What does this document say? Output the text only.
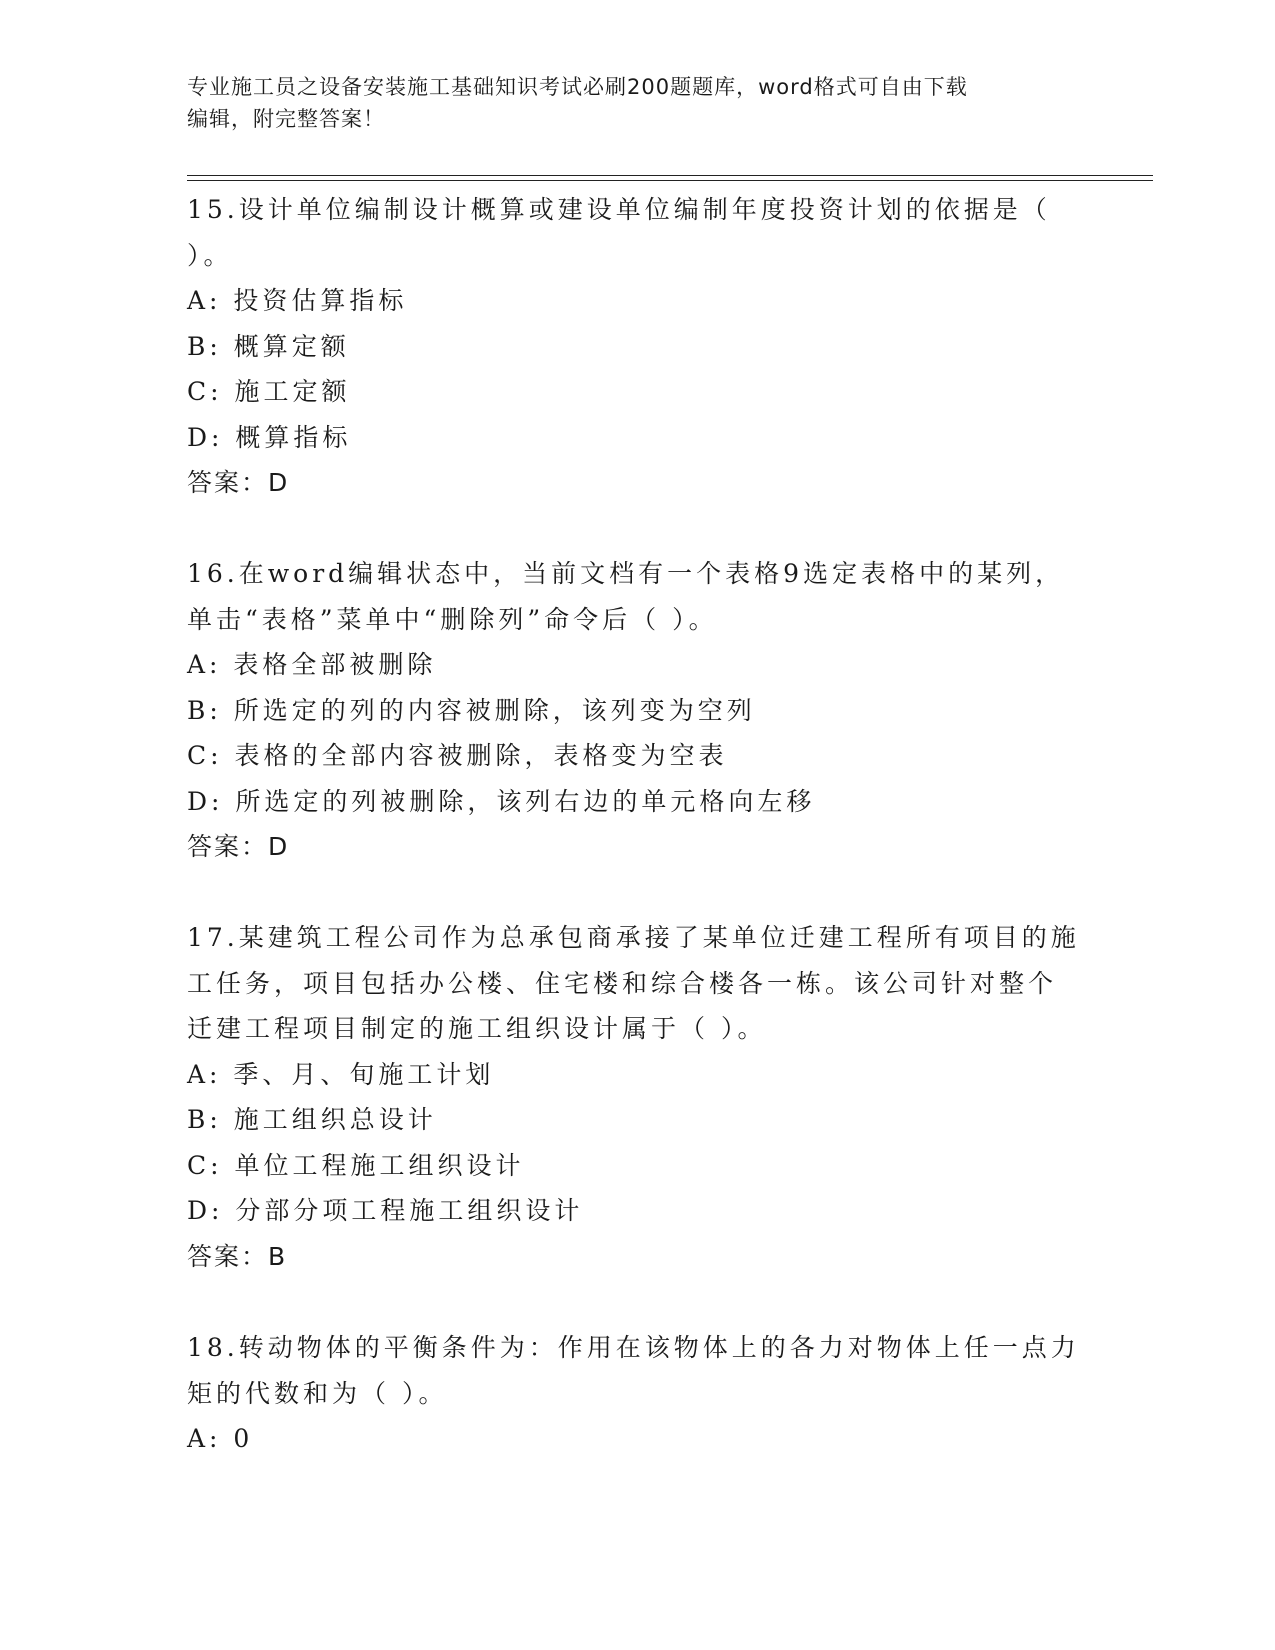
专业施工员之设备安装施工基础知识考试必刷200题题库，word格式可自由下载
编辑，附完整答案！
15.设计单位编制设计概算或建设单位编制年度投资计划的依据是（
）。
A: 投资估算指标
B: 概算定额
C: 施工定额
D: 概算指标
答案：D
16.在word编辑状态中，当前文档有一个表格9选定表格中的某列，
单击“表格”菜单中“删除列”命令后（ ）。
A: 表格全部被删除
B: 所选定的列的内容被删除，该列变为空列
C: 表格的全部内容被删除，表格变为空表
D: 所选定的列被删除，该列右边的单元格向左移
答案：D
17.某建筑工程公司作为总承包商承接了某单位迁建工程所有项目的施
工任务，项目包括办公楼、住宅楼和综合楼各一栋。该公司针对整个
迁建工程项目制定的施工组织设计属于（ ）。
A: 季、月、旬施工计划
B: 施工组织总设计
C: 单位工程施工组织设计
D: 分部分项工程施工组织设计
答案：B
18.转动物体的平衡条件为：作用在该物体上的各力对物体上任一点力
矩的代数和为（ ）。
A: 0
